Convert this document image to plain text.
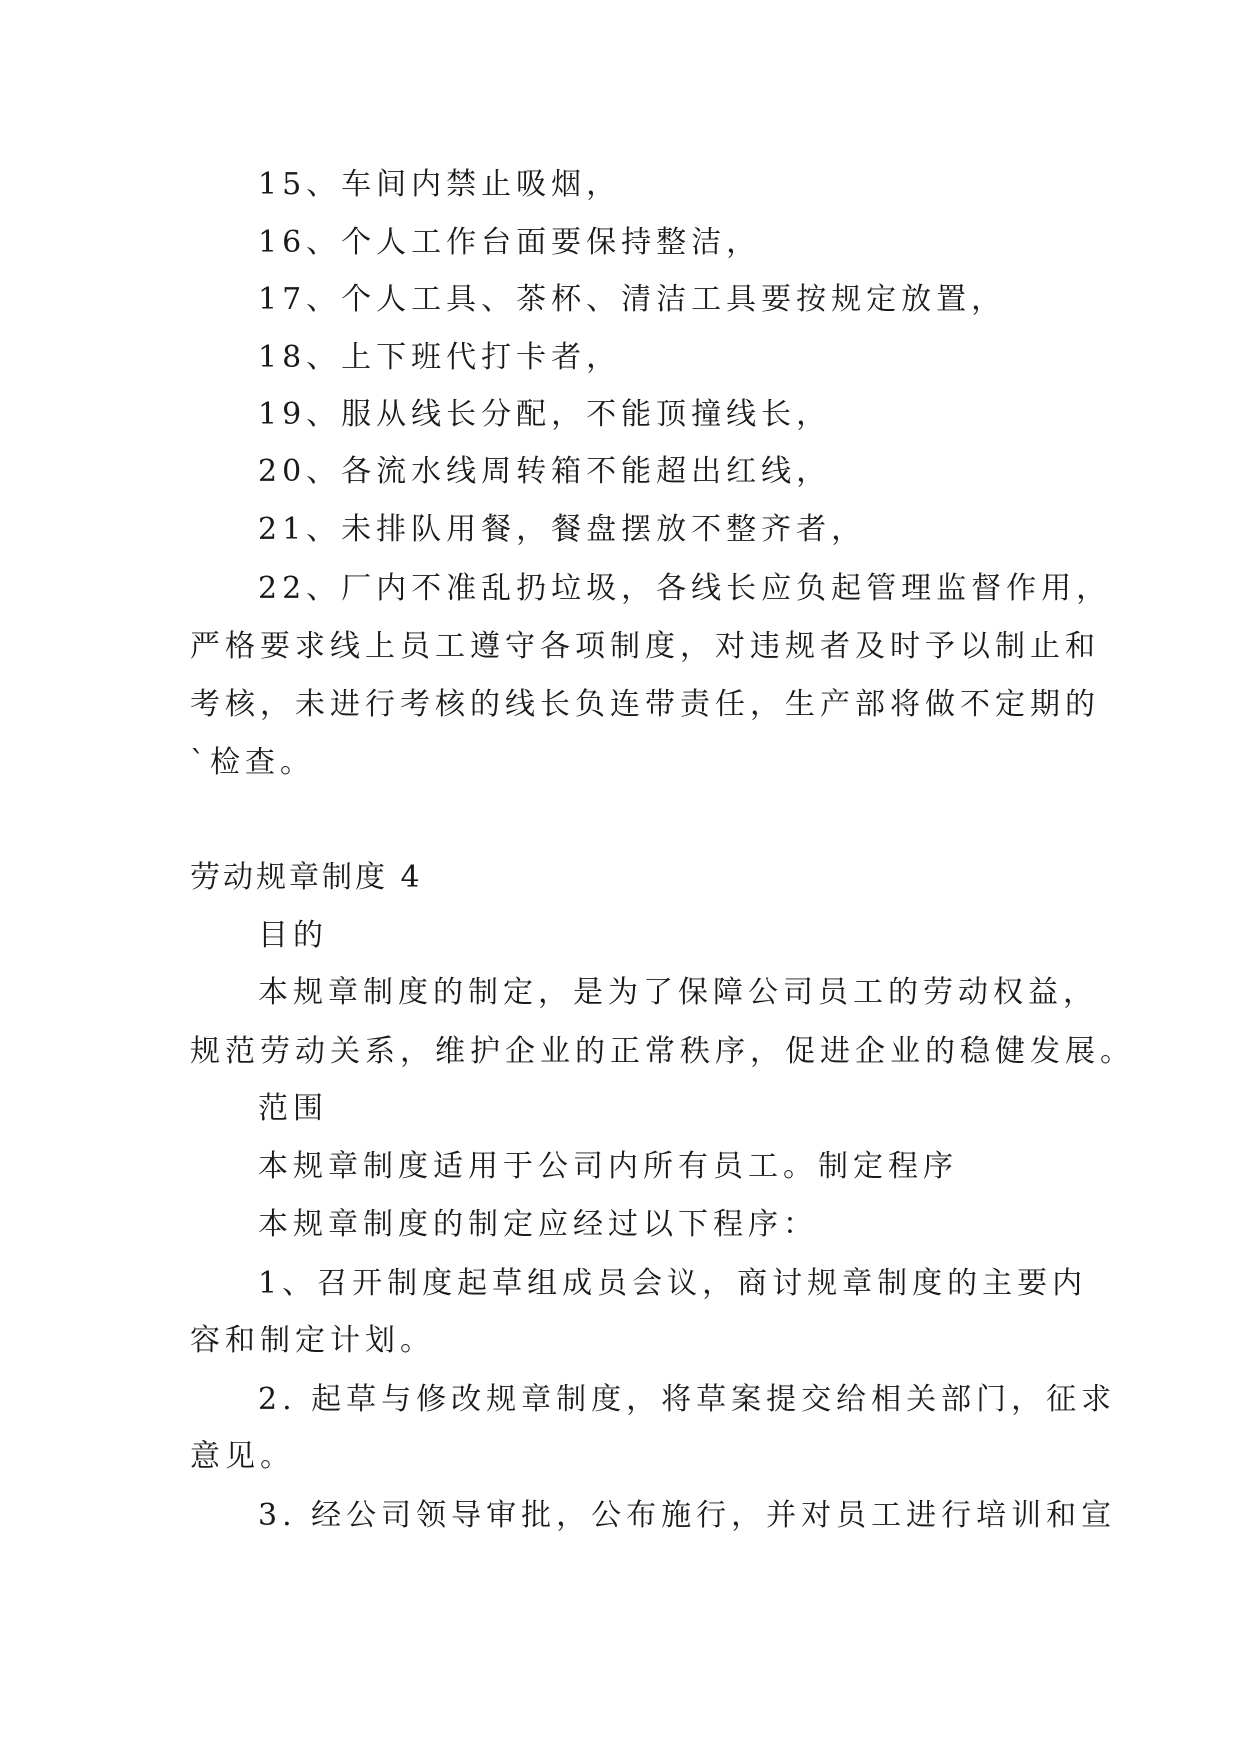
15、车间内禁止吸烟，
16、个人工作台面要保持整洁，
17、个人工具、茶杯、清洁工具要按规定放置，
18、上下班代打卡者，
19、服从线长分配，不能顶撞线长，
20、各流水线周转箱不能超出红线，
21、未排队用餐，餐盘摆放不整齐者，
22、厂内不准乱扔垃圾，各线长应负起管理监督作用，
严格要求线上员工遵守各项制度，对违规者及时予以制止和
考核，未进行考核的线长负连带责任，生产部将做不定期的
`检查。
劳动规章制度 4
目的
本规章制度的制定，是为了保障公司员工的劳动权益，
规范劳动关系，维护企业的正常秩序，促进企业的稳健发展。
范围
本规章制度适用于公司内所有员工。制定程序
本规章制度的制定应经过以下程序：
1、召开制度起草组成员会议，商讨规章制度的主要内
容和制定计划。
2. 起草与修改规章制度，将草案提交给相关部门，征求
意见。
3. 经公司领导审批，公布施行，并对员工进行培训和宣
